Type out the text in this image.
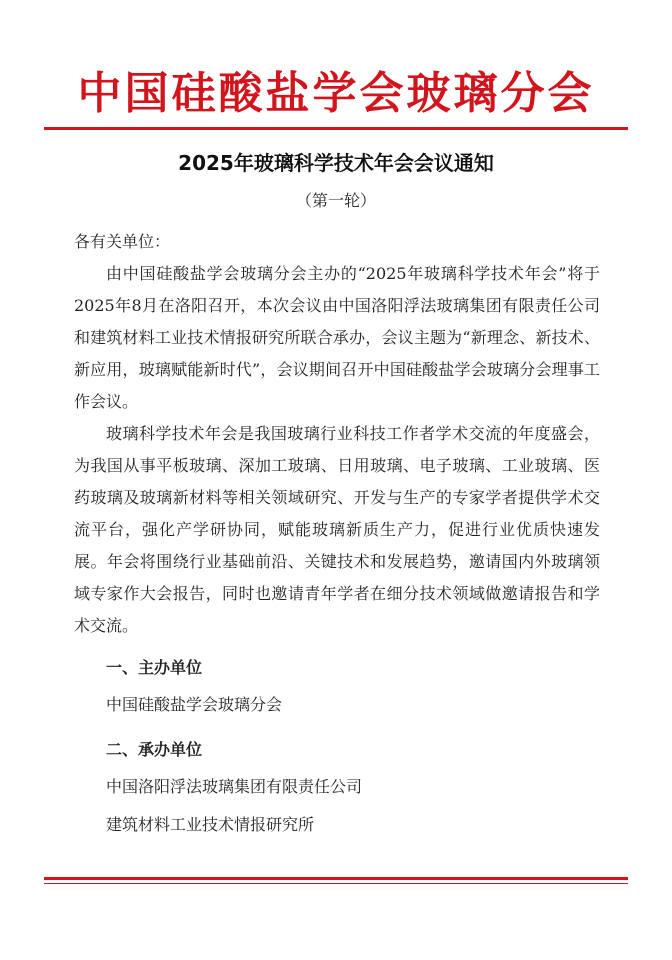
中国硅酸盐学会玻璃分会
2025年玻璃科学技术年会会议通知
（第一轮）

各有关单位：

由中国硅酸盐学会玻璃分会主办的“2025年玻璃科学技术年会”将于2025年8月在洛阳召开，本次会议由中国洛阳浮法玻璃集团有限责任公司和建筑材料工业技术情报研究所联合承办，会议主题为“新理念、新技术、新应用，玻璃赋能新时代”，会议期间召开中国硅酸盐学会玻璃分会理事工作会议。

玻璃科学技术年会是我国玻璃行业科技工作者学术交流的年度盛会，为我国从事平板玻璃、深加工玻璃、日用玻璃、电子玻璃、工业玻璃、医药玻璃及玻璃新材料等相关领域研究、开发与生产的专家学者提供学术交流平台，强化产学研协同，赋能玻璃新质生产力，促进行业优质快速发展。年会将围绕行业基础前沿、关键技术和发展趋势，邀请国内外玻璃领域专家作大会报告，同时也邀请青年学者在细分技术领域做邀请报告和学术交流。

一、主办单位

中国硅酸盐学会玻璃分会

二、承办单位

中国洛阳浮法玻璃集团有限责任公司

建筑材料工业技术情报研究所
